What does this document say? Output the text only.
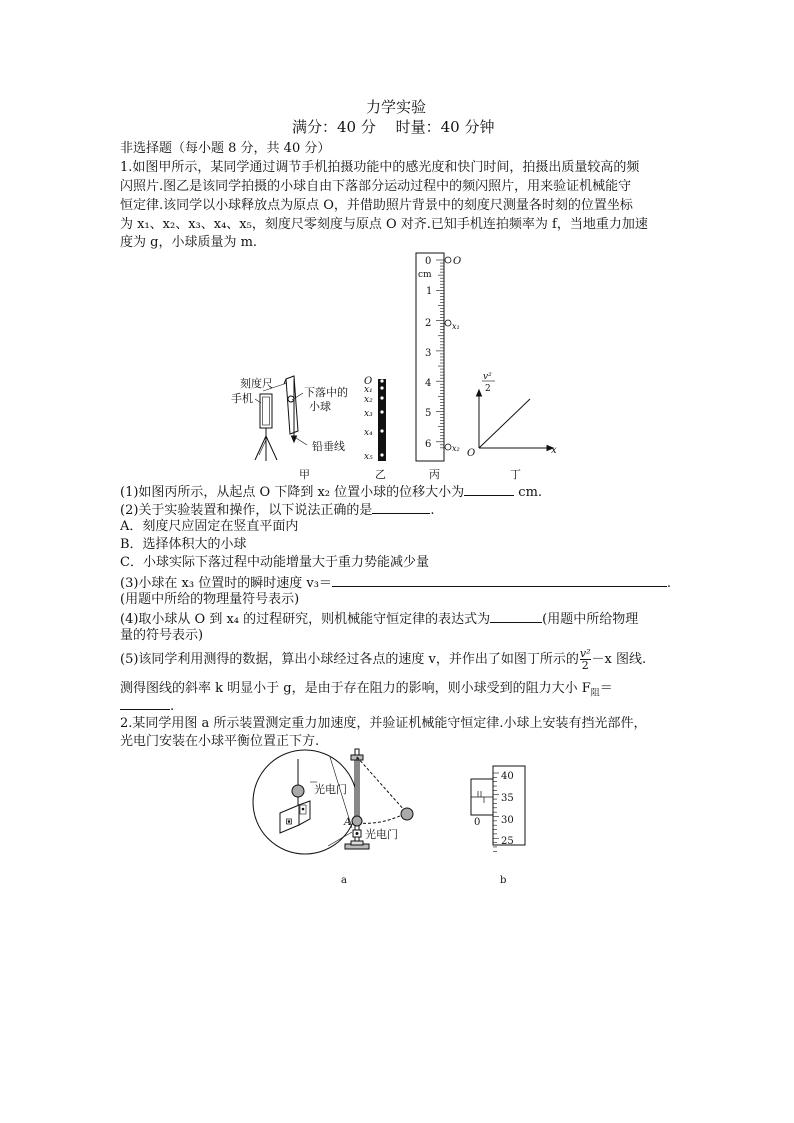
力学实验
满分：40 分　 时量：40 分钟
非选择题（每小题 8 分，共 40 分）
1.如图甲所示，某同学通过调节手机拍摄功能中的感光度和快门时间，拍摄出质量较高的频
闪照片.图乙是该同学拍摄的小球自由下落部分运动过程中的频闪照片，用来验证机械能守
恒定律.该同学以小球释放点为原点 O，并借助照片背景中的刻度尺测量各时刻的位置坐标
为 x₁、x₂、x₃、x₄、x₅，刻度尺零刻度与原点 O 对齐.已知手机连拍频率为 f，当地重力加速
度为 g，小球质量为 m.
刻度尺
手机	下落中的
小球
铅垂线
O
x₁
x₂
x₃
x₄
x₅
cm
0
1
2
3
4
5
6
O
x₁
x₂
v²
2
x
O
甲	乙	丙	丁
(1)如图丙所示，从起点 O 下降到 x₂ 位置小球的位移大小为	cm.
(2)关于实验装置和操作，以下说法正确的是	.
A．刻度尺应固定在竖直平面内
B．选择体积大的小球
C．小球实际下落过程中动能增量大于重力势能减少量
(3)小球在 x₃ 位置时的瞬时速度 v₃＝	.
(用题中所给的物理量符号表示)
(4)取小球从 O 到 x₄ 的过程研究，则机械能守恒定律的表达式为	(用题中所给物理
量的符号表示)
(5)该同学利用测得的数据，算出小球经过各点的速度 v，并作出了如图丁所示的 $\frac{\text{v²}}{2} -x$ 图线.
测得图线的斜率 k 明显小于 g，是由于存在阻力的影响，则小球受到的阻力大小 $F_阻=$
.
2.某同学用图 a 所示装置测定重力加速度，并验证机械能守恒定律.小球上安装有挡光部件，
光电门安装在小球平衡位置正下方.
光电门
A
光电门
a
40
35
30
25
0
b
